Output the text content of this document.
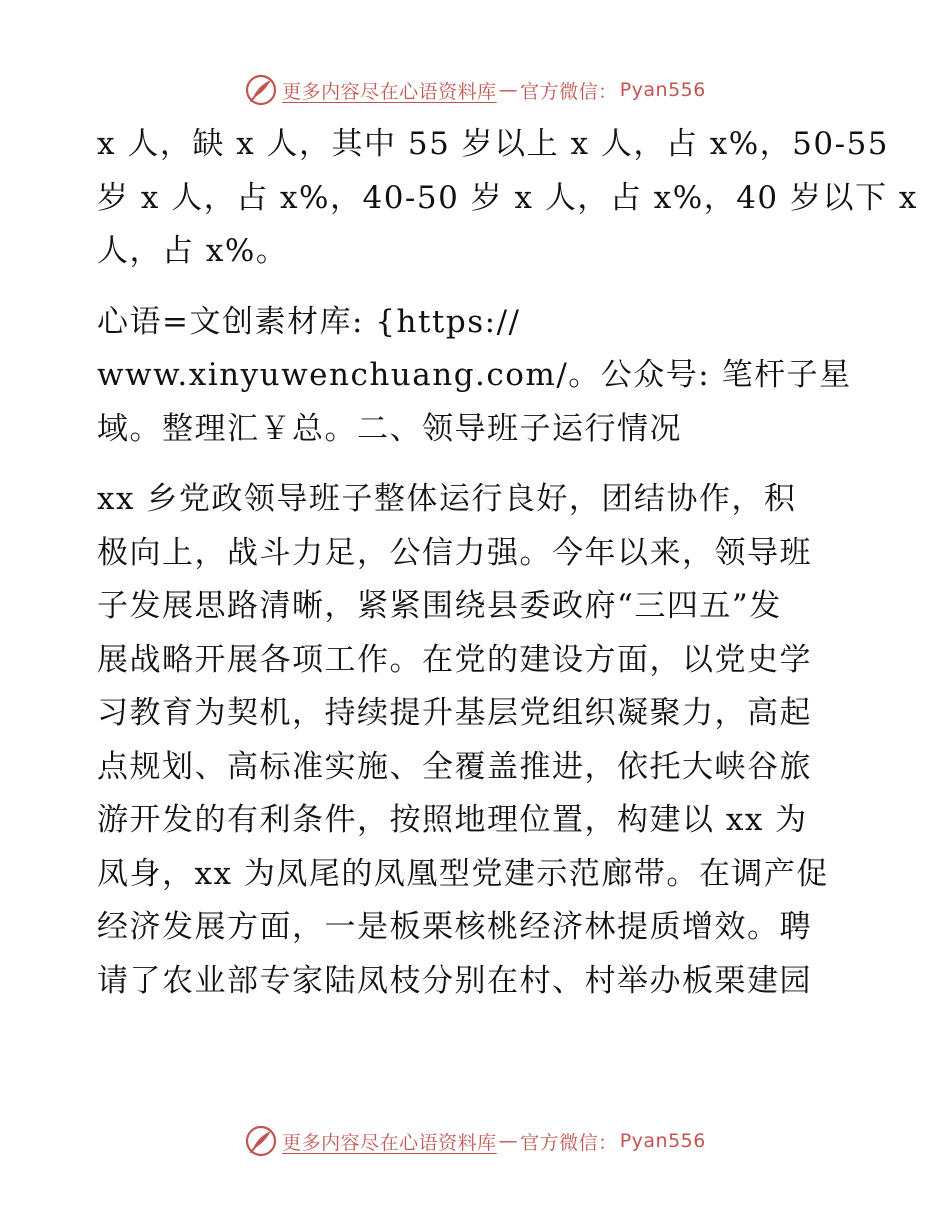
更多内容尽在心语资料库 — 官方微信： Pyan556

x 人，缺 x 人，其中 55 岁以上 x 人，占 x%，50-55
岁 x 人，占 x%，40-50 岁 x 人，占 x%，40 岁以下 x
人，占 x%。

心语=文创素材库: {https://
www.xinyuwenchuang.com/。公众号: 笔杆子星
域。整理汇￥总。二、领导班子运行情况

xx 乡党政领导班子整体运行良好，团结协作，积
极向上，战斗力足，公信力强。今年以来，领导班
子发展思路清晰，紧紧围绕县委政府“三四五”发
展战略开展各项工作。在党的建设方面，以党史学
习教育为契机，持续提升基层党组织凝聚力，高起
点规划、高标准实施、全覆盖推进，依托大峡谷旅
游开发的有利条件，按照地理位置，构建以 xx 为
凤身，xx 为凤尾的凤凰型党建示范廊带。在调产促
经济发展方面，一是板栗核桃经济林提质增效。聘
请了农业部专家陆凤枝分别在村、村举办板栗建园

更多内容尽在心语资料库 — 官方微信： Pyan556
